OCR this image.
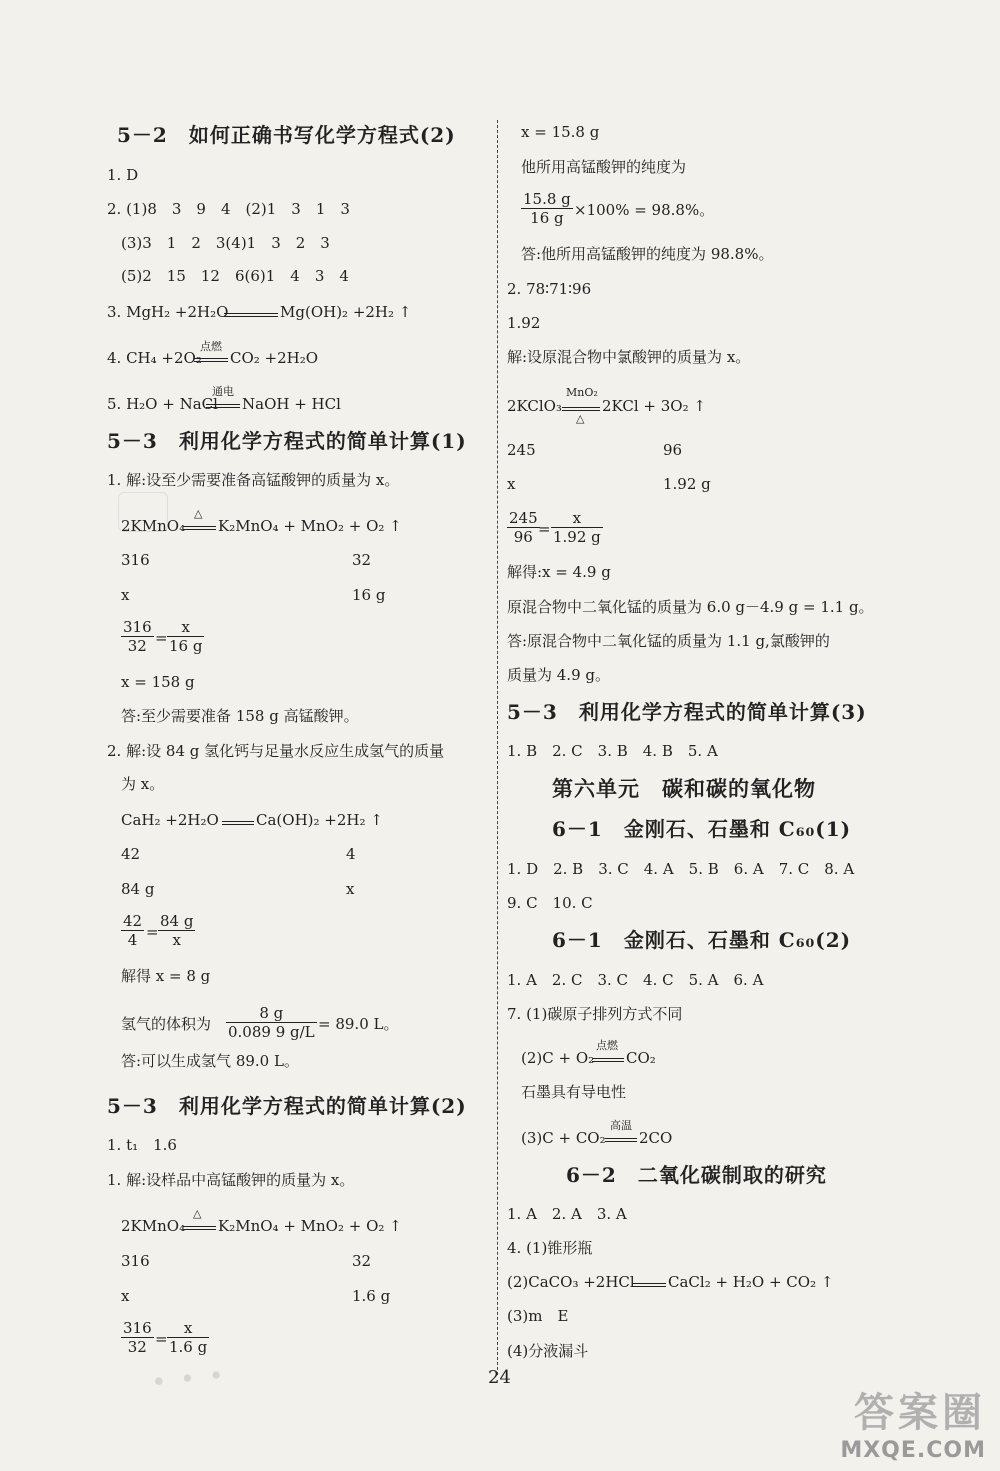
5－2　如何正确书写化学方程式(2)
1. D
2. (1)8　3　9　4　(2)1　3　1　3
(3)3　1　2　3(4)1　3　2　3
(5)2　15　12　6(6)1　4　3　4
3. MgH₂ +2H₂O	Mg(OH)₂ +2H₂ ↑
4. CH₄ +2O₂
点燃
CO₂ +2H₂O
5. H₂O + NaCl
通电
NaOH + HCl
5－3　利用化学方程式的简单计算(1)
1. 解:设至少需要准备高锰酸钾的质量为 x。
2KMnO₄
△
K₂MnO₄ + MnO₂ + O₂ ↑
316	32
x	16 g
316
32 =
x
16 g
x = 158 g
答:至少需要准备 158 g 高锰酸钾。
2. 解:设 84 g 氢化钙与足量水反应生成氢气的质量
为 x。
CaH₂ +2H₂O Ca(OH)₂ +2H₂ ↑
42	4
84 g	x
42
4 =
84 g
x
解得 x = 8 g
氢气的体积为
8 g
0.089 9 g/L = 89.0 L。
答:可以生成氢气 89.0 L。
5－3　利用化学方程式的简单计算(2)
1. t₁　1.6
1. 解:设样品中高锰酸钾的质量为 x。
2KMnO₄
△
K₂MnO₄ + MnO₂ + O₂ ↑
316	32
x	1.6 g
316
32 =
x
1.6 g
･ ･ ･
x = 15.8 g
他所用高锰酸钾的纯度为
15.8 g
16 g ×100% = 98.8%。
答:他所用高锰酸钾的纯度为 98.8%。
2. 78∶71∶96
1.92
解:设原混合物中氯酸钾的质量为 x。
MnO₂
2KClO₃
△
2KCl + 3O₂ ↑
245	96
x	1.92 g
245
96 =
x
1.92 g
解得:x = 4.9 g
原混合物中二氧化锰的质量为 6.0 g－4.9 g = 1.1 g。
答:原混合物中二氧化锰的质量为 1.1 g,氯酸钾的
质量为 4.9 g。
5－3　利用化学方程式的简单计算(3)
1. B　2. C　3. B　4. B　5. A
第六单元　碳和碳的氧化物
6－1　金刚石、石墨和 C₆₀(1)
1. D　2. B　3. C　4. A　5. B　6. A　7. C　8. A
9. C　10. C
6－1　金刚石、石墨和 C₆₀(2)
1. A　2. C　3. C　4. C　5. A　6. A
7. (1)碳原子排列方式不同
(2)C + O₂
点燃
CO₂
石墨具有导电性
(3)C + CO₂
高温
2CO
6－2　二氧化碳制取的研究
1. A　2. A　3. A
4. (1)锥形瓶
(2)CaCO₃ +2HCl CaCl₂ + H₂O + CO₂ ↑
(3)m　E
(4)分液漏斗
24
答案圈
MXQE.COM
